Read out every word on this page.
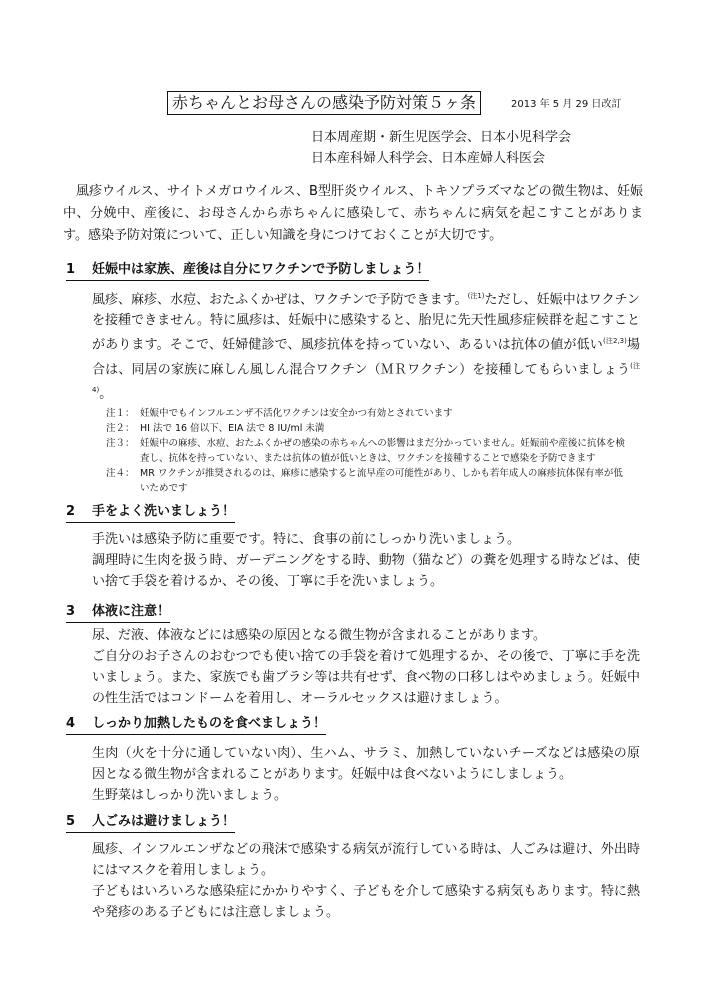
赤ちゃんとお母さんの感染予防対策５ヶ条	2013 年 5 月 29 日改訂
日本周産期・新生児医学会、日本小児科学会
日本産科婦人科学会、日本産婦人科医会
風疹ウイルス、サイトメガロウイルス、B型肝炎ウイルス、トキソプラズマなどの微生物は、妊娠中、分娩中、産後に、お母さんから赤ちゃんに感染して、赤ちゃんに病気を起こすことがあります。感染予防対策について、正しい知識を身につけておくことが大切です。
1 妊娠中は家族、産後は自分にワクチンで予防しましょう！

風疹、麻疹、水痘、おたふくかぜは、ワクチンで予防できます。$^{(注1)}$ただし、妊娠中はワクチンを接種できません。特に風疹は、妊娠中に感染すると、胎児に先天性風疹症候群を起こすことがあります。そこで、妊婦健診で、風疹抗体を持っていない、あるいは抗体の値が低い$^{(注2,3)}$場合は、同居の家族に麻しん風しん混合ワクチン（ＭＲワクチン）を接種してもらいましょう$^{(注4)}$。

注１： 妊娠中でもインフルエンザ不活化ワクチンは安全かつ有効とされています
注２： HI 法で 16 倍以下、EIA 法で 8 IU/ml 未満
注３： 妊娠中の麻疹、水痘、おたふくかぜの感染の赤ちゃんへの影響はまだ分かっていません。妊娠前や産後に抗体を検査し、抗体を持っていない、または抗体の値が低いときは、ワクチンを接種することで感染を予防できます
注４： MR ワクチンが推奨されるのは、麻疹に感染すると流早産の可能性があり、しかも若年成人の麻疹抗体保有率が低いためです
2 手をよく洗いましょう！

手洗いは感染予防に重要です。特に、食事の前にしっかり洗いましょう。

調理時に生肉を扱う時、ガーデニングをする時、動物（猫など）の糞を処理する時などは、使い捨て手袋を着けるか、その後、丁寧に手を洗いましょう。

3 体液に注意！

尿、だ液、体液などには感染の原因となる微生物が含まれることがあります。

ご自分のお子さんのおむつでも使い捨ての手袋を着けて処理するか、その後で、丁寧に手を洗いましょう。また、家族でも歯ブラシ等は共有せず、食べ物の口移しはやめましょう。妊娠中の性生活ではコンドームを着用し、オーラルセックスは避けましょう。

4 しっかり加熱したものを食べましょう！

生肉（火を十分に通していない肉）、生ハム、サラミ、加熱していないチーズなどは感染の原因となる微生物が含まれることがあります。妊娠中は食べないようにしましょう。

生野菜はしっかり洗いましょう。

5 人ごみは避けましょう！

風疹、インフルエンザなどの飛沫で感染する病気が流行している時は、人ごみは避け、外出時にはマスクを着用しましょう。

子どもはいろいろな感染症にかかりやすく、子どもを介して感染する病気もあります。特に熱や発疹のある子どもには注意しましょう。
